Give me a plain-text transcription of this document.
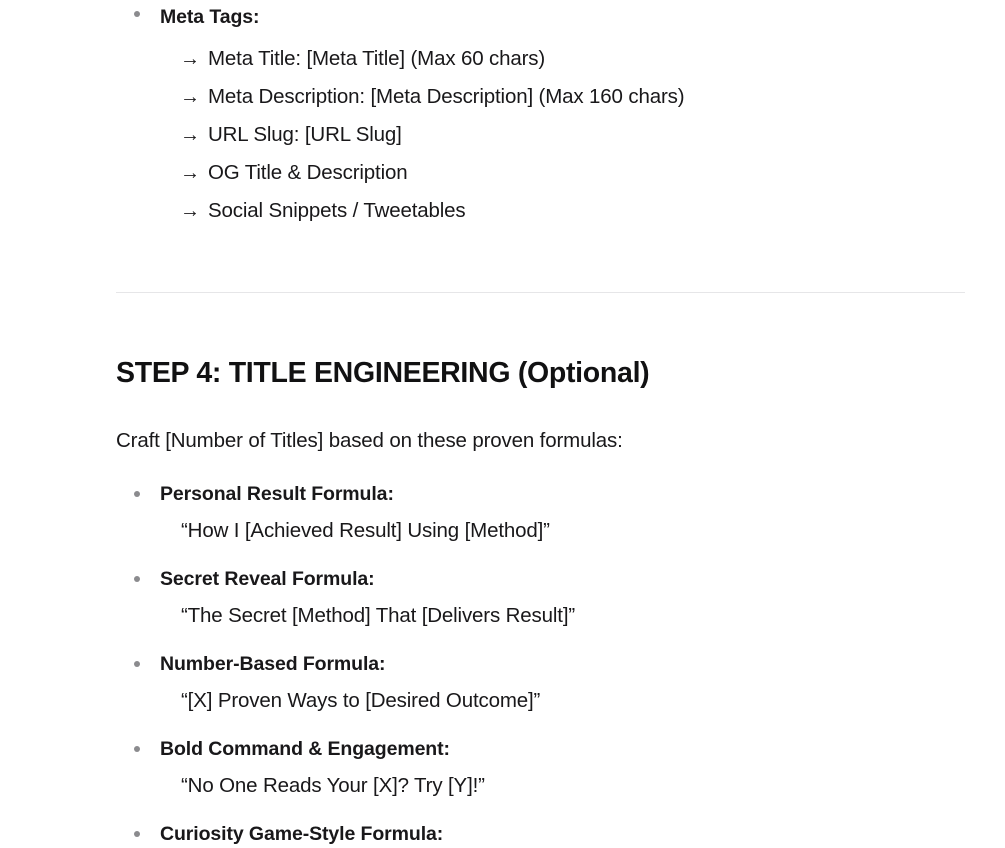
Meta Tags:
→ Meta Title: [Meta Title] (Max 60 chars)
→ Meta Description: [Meta Description] (Max 160 chars)
→ URL Slug: [URL Slug]
→ OG Title & Description
→ Social Snippets / Tweetables
STEP 4: TITLE ENGINEERING (Optional)
Craft [Number of Titles] based on these proven formulas:
Personal Result Formula:
“How I [Achieved Result] Using [Method]”
Secret Reveal Formula:
“The Secret [Method] That [Delivers Result]”
Number-Based Formula:
“[X] Proven Ways to [Desired Outcome]”
Bold Command & Engagement:
“No One Reads Your [X]? Try [Y]!”
Curiosity Game-Style Formula:
